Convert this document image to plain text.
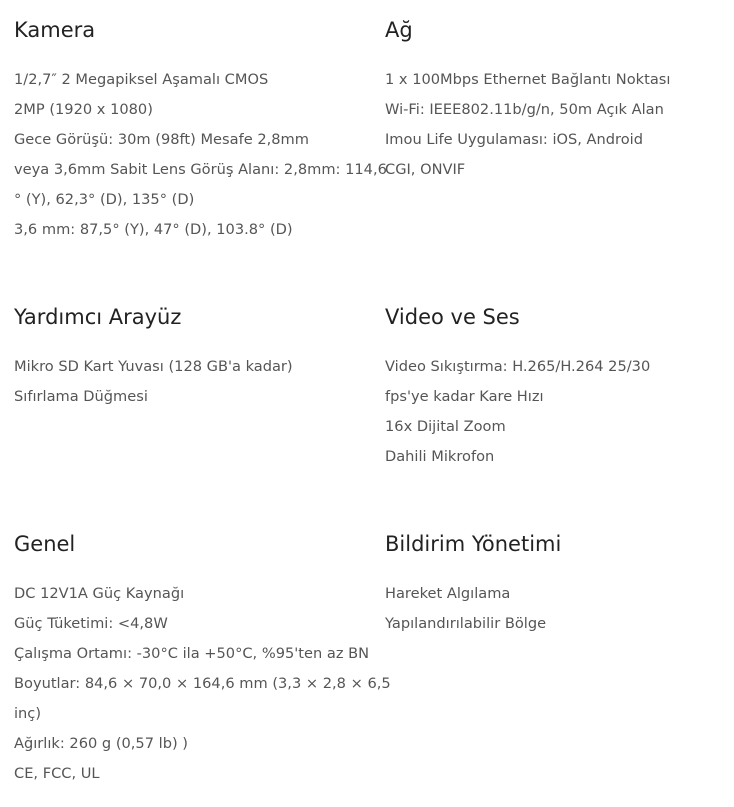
Kamera
1/2,7″ 2 Megapiksel Aşamalı CMOS
2MP (1920 x 1080)
Gece Görüşü: 30m (98ft) Mesafe 2,8mm
veya 3,6mm Sabit Lens Görüş Alanı: 2,8mm: 114,6
° (Y), 62,3° (D), 135° (D)
3,6 mm: 87,5° (Y), 47° (D), 103.8° (D)
Ağ
1 x 100Mbps Ethernet Bağlantı Noktası
Wi-Fi: IEEE802.11b/g/n, 50m Açık Alan
Imou Life Uygulaması: iOS, Android
CGI, ONVIF
Yardımcı Arayüz
Mikro SD Kart Yuvası (128 GB'a kadar)
Sıfırlama Düğmesi
Video ve Ses
Video Sıkıştırma: H.265/H.264 25/30
fps'ye kadar Kare Hızı
16x Dijital Zoom
Dahili Mikrofon
Genel
DC 12V1A Güç Kaynağı
Güç Tüketimi: <4,8W
Çalışma Ortamı: -30°C ila +50°C, %95'ten az BN
Boyutlar: 84,6 × 70,0 × 164,6 mm (3,3 × 2,8 × 6,5
inç)
Ağırlık: 260 g (0,57 lb) )
CE, FCC, UL
Bildirim Yönetimi
Hareket Algılama
Yapılandırılabilir Bölge
